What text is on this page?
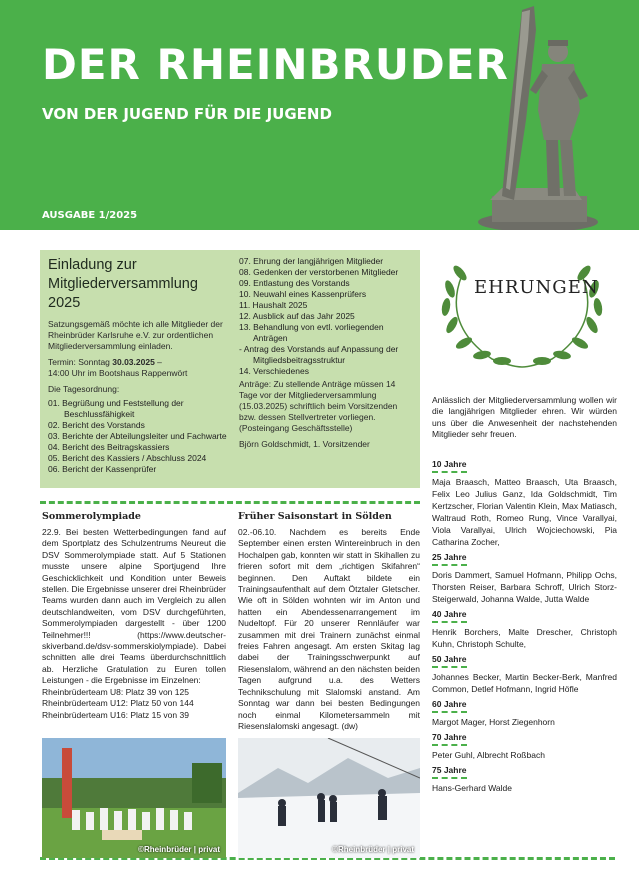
DER RHEINBRUDER
VON DER JUGEND FÜR DIE JUGEND
AUSGABE 1/2025
Einladung zur
Mitgliederversammlung 2025

Satzungsgemäß möchte ich alle Mitglieder der Rheinbrüder Karlsruhe e.V. zur ordentlichen Mitgliederversammlung einladen.

Termin: Sonntag 30.03.2025 –

14:00 Uhr im Bootshaus Rappenwört

Die Tagesordnung:

01. Begrüßung und Feststellung der Beschlussfähigkeit
02. Bericht des Vorstands
03. Berichte der Abteilungsleiter und Fachwarte
04. Bericht des Beitragskassiers
05. Bericht des Kassiers / Abschluss 2024
06. Bericht der Kassenprüfer
07. Ehrung der langjährigen Mitglieder
08. Gedenken der verstorbenen Mitglieder
09. Entlastung des Vorstands
10. Neuwahl eines Kassenprüfers
11. Haushalt 2025
12. Ausblick auf das Jahr 2025
13. Behandlung von evtl. vorliegenden Anträgen
- Antrag des Vorstands auf Anpassung der Mitgliedsbeitragsstruktur
14. Verschiedenes

Anträge: Zu stellende Anträge müssen 14 Tage vor der Mitgliederversammlung (15.03.2025) schriftlich beim Vorsitzenden bzw. dessen Stellvertreter vorliegen. (Posteingang Geschäftsstelle)

Björn Goldschmidt, 1. Vorsitzender

Sommerolympiade

22.9. Bei besten Wetterbedingungen fand auf dem Sportplatz des Schulzentrums Neureut die DSV Sommerolympiade statt. Auf 5 Stationen musste unsere alpine Sportjugend Ihre Geschicklichkeit und Kondition unter Beweis stellen. Die Ergebnisse unserer drei Rheinbrüder Teams wurden dann auch im Vergleich zu allen deutschlandweiten, vom DSV durchgeführten, Sommerolympiaden dargestellt - über 1200 Teilnehmer!!! (https://www.deutscher-skiverband.de/dsv-sommerskiolympiade). Dabei schnitten alle drei Teams überdurchschnittlich ab. Herzliche Gratulation zu Euren tollen Leistungen - die Ergebnisse im Einzelnen:

Rheinbrüderteam U8: Platz 39 von 125

Rheinbrüderteam U12: Platz 50 von 144

Rheinbrüderteam U16: Platz 15 von 39

©Rheinbrüder | privat
Früher Saisonstart in Sölden
02.-06.10. Nachdem es bereits Ende September einen ersten Wintereinbruch in den Hochalpen gab, konnten wir statt in Skihallen zu frieren sofort mit dem „richtigen Skifahren“ beginnen. Den Auftakt bildete ein Trainingsaufenthalt auf dem Ötztaler Gletscher. Wie oft in Sölden wohnten wir im Anton und hatten ein Abendessenarrangement im Nudeltopf. Für 20 unserer Rennläufer war zusammen mit drei Trainern zunächst einmal freies Fahren angesagt. Am ersten Skitag lag dabei der Trainingsschwerpunkt auf Riesenslalom, während an den nächsten beiden Tagen aufgrund u.a. des Wetters Technikschulung mit Slalomski anstand. Am Sonntag war dann bei besten Bedingungen noch einmal Kilometersammeln mit Riesenslalomski angesagt. (dw)
©Rheinbrüder | privat
EHRUNGEN

Anlässlich der Mitgliederversammlung wollen wir die langjährigen Mitglieder ehren. Wir würden uns über die Anwesenheit der nachstehenden Mitglieder sehr freuen.

10 Jahre
Maja Braasch, Matteo Braasch, Uta Braasch, Felix Leo Julius Ganz, Ida Goldschmidt, Tim Kertzscher, Florian Valentin Klein, Max Matiasch, Waltraud Roth, Romeo Rung, Vince Varallyai, Viola Varallyai, Ulrich Wojciechowski, Pia Catharina Zocher,
25 Jahre
Doris Dammert, Samuel Hofmann, Philipp Ochs, Thorsten Reiser, Barbara Schroff, Ulrich Storz-Steigerwald, Johanna Walde, Jutta Walde
40 Jahre
Henrik Borchers, Malte Drescher, Christoph Kuhn, Christoph Schulte,
50 Jahre
Johannes Becker, Martin Becker-Berk, Manfred Common, Detlef Hofmann, Ingrid Höfle
60 Jahre
Margot Mager, Horst Ziegenhorn
70 Jahre
Peter Guhl, Albrecht Roßbach
75 Jahre
Hans-Gerhard Walde
